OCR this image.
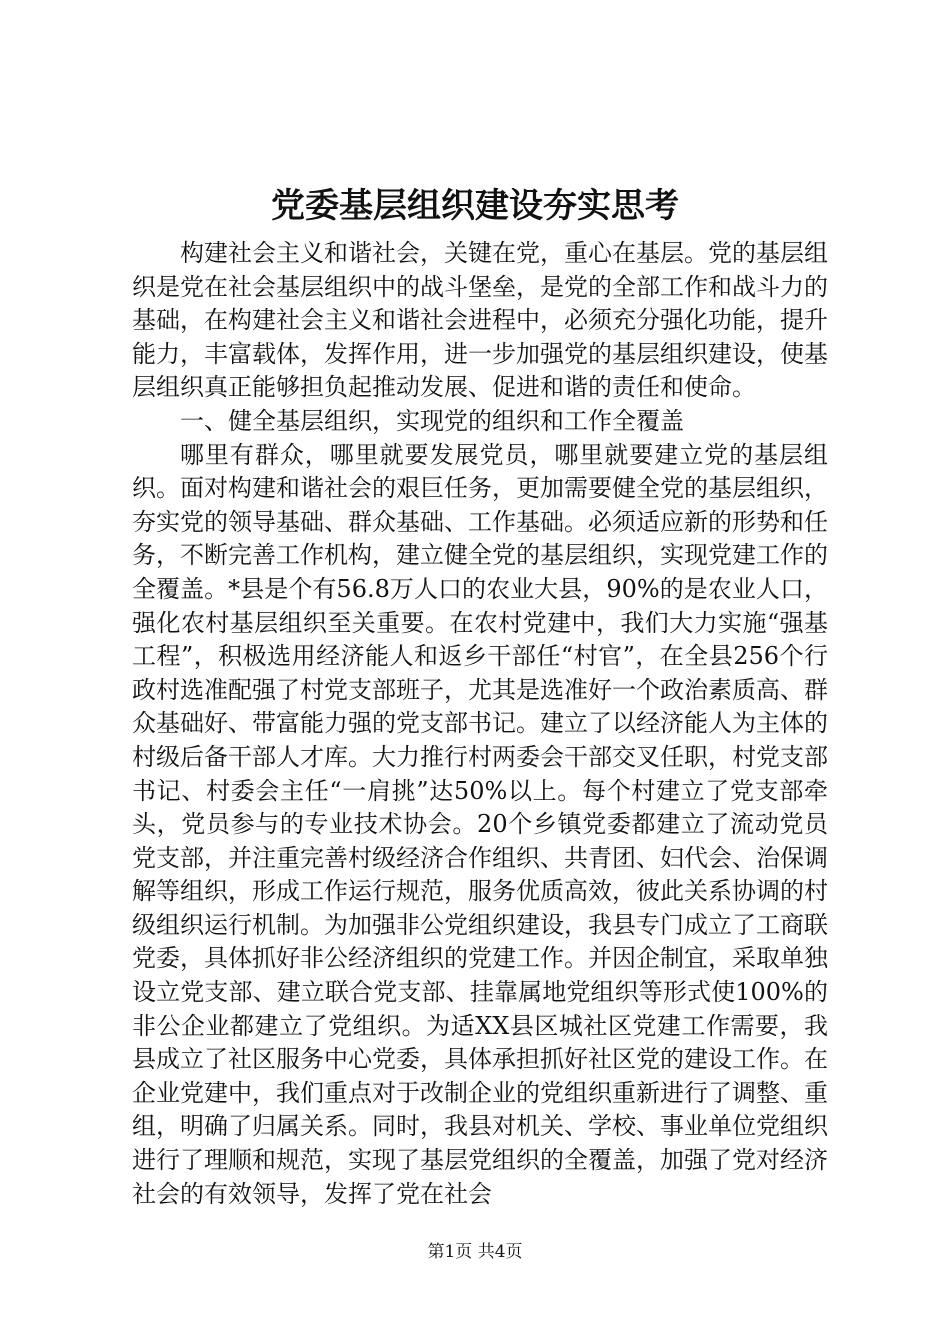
党委基层组织建设夯实思考

构建社会主义和谐社会，关键在党，重心在基层。党的基层组织是党在社会基层组织中的战斗堡垒，是党的全部工作和战斗力的基础，在构建社会主义和谐社会进程中，必须充分强化功能，提升能力，丰富载体，发挥作用，进一步加强党的基层组织建设，使基层组织真正能够担负起推动发展、促进和谐的责任和使命。

一、健全基层组织，实现党的组织和工作全覆盖

哪里有群众，哪里就要发展党员，哪里就要建立党的基层组织。面对构建和谐社会的艰巨任务，更加需要健全党的基层组织，夯实党的领导基础、群众基础、工作基础。必须适应新的形势和任务，不断完善工作机构，建立健全党的基层组织，实现党建工作的全覆盖。*县是个有56.8万人口的农业大县，90%的是农业人口，强化农村基层组织至关重要。在农村党建中，我们大力实施“强基工程”，积极选用经济能人和返乡干部任“村官”，在全县256个行政村选准配强了村党支部班子，尤其是选准好一个政治素质高、群众基础好、带富能力强的党支部书记。建立了以经济能人为主体的村级后备干部人才库。大力推行村两委会干部交叉任职，村党支部书记、村委会主任“一肩挑”达50%以上。每个村建立了党支部牵头，党员参与的专业技术协会。20个乡镇党委都建立了流动党员党支部，并注重完善村级经济合作组织、共青团、妇代会、治保调解等组织，形成工作运行规范，服务优质高效，彼此关系协调的村级组织运行机制。为加强非公党组织建设，我县专门成立了工商联党委，具体抓好非公经济组织的党建工作。并因企制宜，采取单独设立党支部、建立联合党支部、挂靠属地党组织等形式使100%的非公企业都建立了党组织。为适XX县区城社区党建工作需要，我县成立了社区服务中心党委，具体承担抓好社区党的建设工作。在企业党建中，我们重点对于改制企业的党组织重新进行了调整、重组，明确了归属关系。同时，我县对机关、学校、事业单位党组织进行了理顺和规范，实现了基层党组织的全覆盖，加强了党对经济社会的有效领导，发挥了党在社会

第1页 共4页
